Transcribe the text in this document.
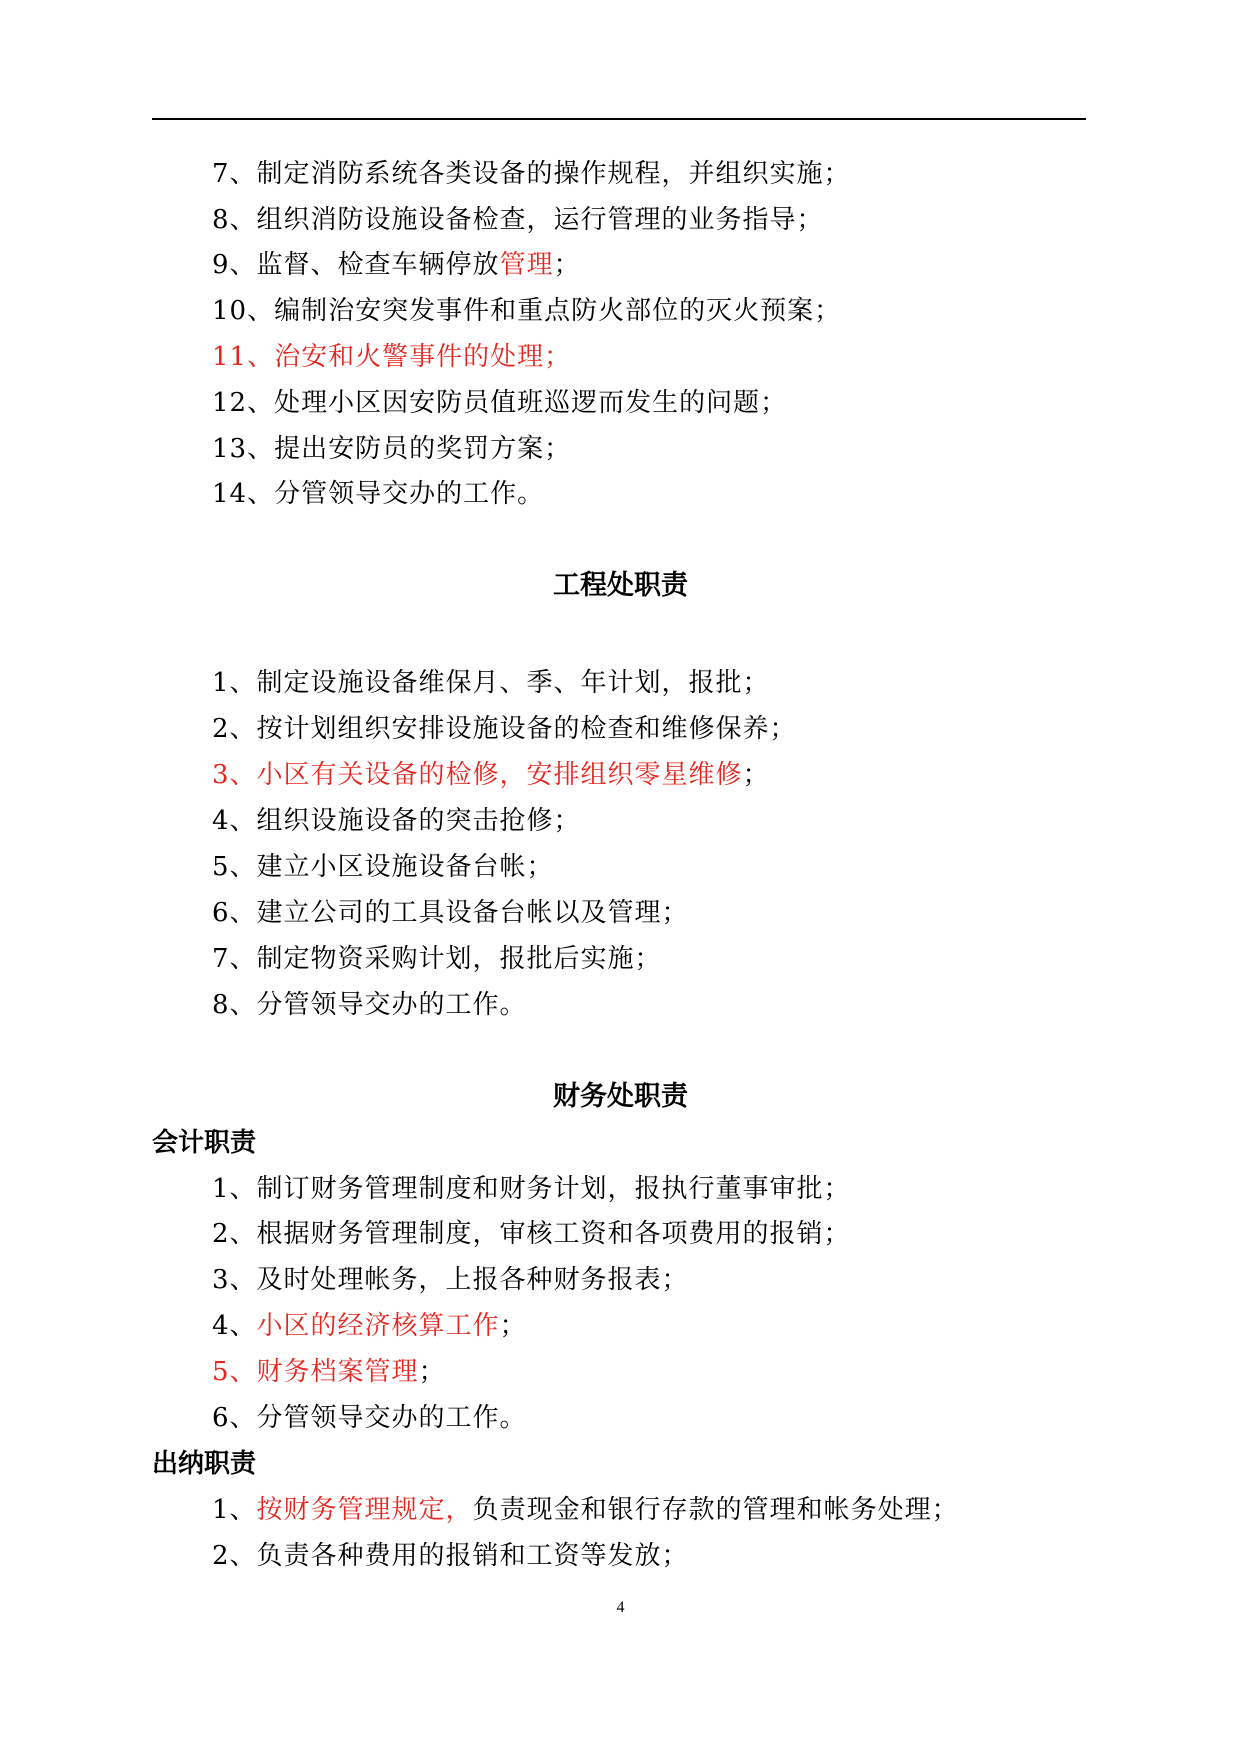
7、制定消防系统各类设备的操作规程，并组织实施；
8、组织消防设施设备检查，运行管理的业务指导；
9、监督、检查车辆停放管理；
10、编制治安突发事件和重点防火部位的灭火预案；
11、治安和火警事件的处理；
12、处理小区因安防员值班巡逻而发生的问题；
13、提出安防员的奖罚方案；
14、分管领导交办的工作。
工程处职责
1、制定设施设备维保月、季、年计划，报批；
2、按计划组织安排设施设备的检查和维修保养；
3、小区有关设备的检修，安排组织零星维修；
4、组织设施设备的突击抢修；
5、建立小区设施设备台帐；
6、建立公司的工具设备台帐以及管理；
7、制定物资采购计划，报批后实施；
8、分管领导交办的工作。
财务处职责
会计职责
1、制订财务管理制度和财务计划，报执行董事审批；
2、根据财务管理制度，审核工资和各项费用的报销；
3、及时处理帐务，上报各种财务报表；
4、小区的经济核算工作；
5、财务档案管理；
6、分管领导交办的工作。
出纳职责
1、按财务管理规定，负责现金和银行存款的管理和帐务处理；
2、负责各种费用的报销和工资等发放；
4
